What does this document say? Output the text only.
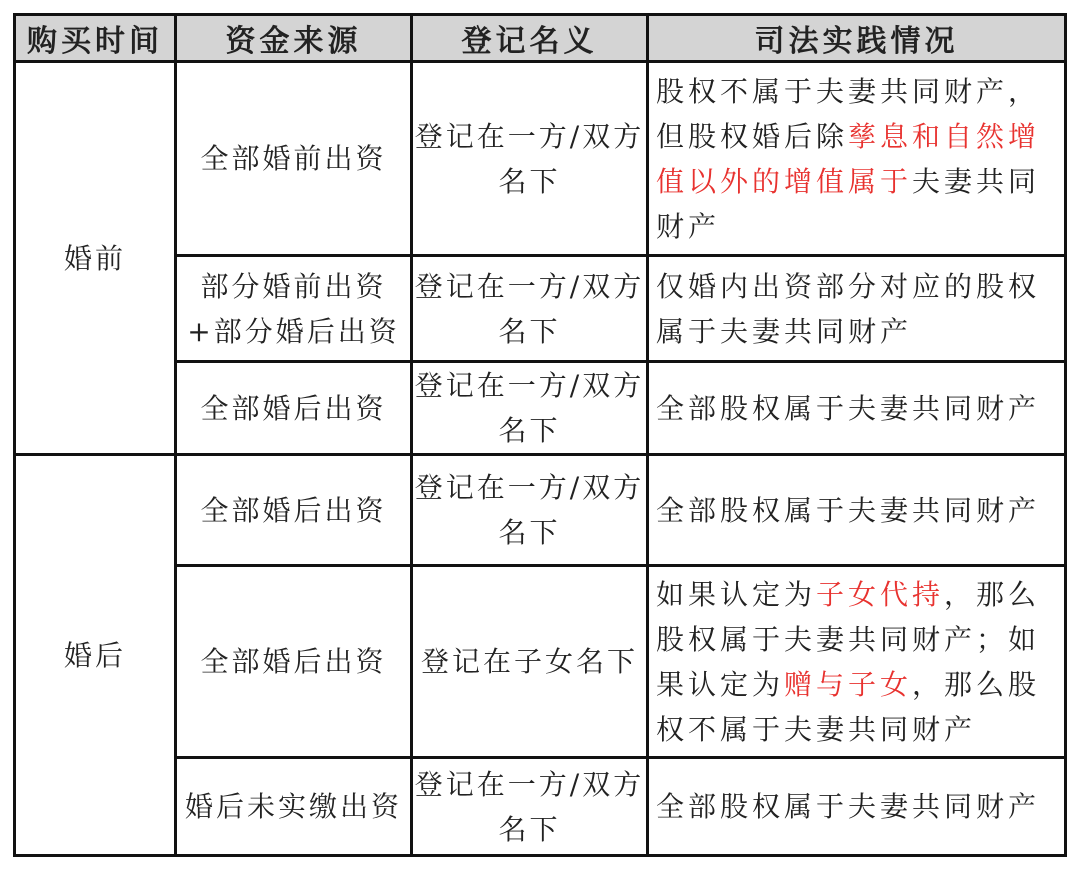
购买时间	资金来源	登记名义	司法实践情况
婚前	全部婚前出资	登记在一方/双方名下	股权不属于夫妻共同财产，但股权婚后除孳息和自然增值以外的增值属于夫妻共同财产
	部分婚前出资+部分婚后出资	登记在一方/双方名下	仅婚内出资部分对应的股权属于夫妻共同财产
	全部婚后出资	登记在一方/双方名下	全部股权属于夫妻共同财产
婚后	全部婚后出资	登记在一方/双方名下	全部股权属于夫妻共同财产
	全部婚后出资	登记在子女名下	如果认定为子女代持，那么股权属于夫妻共同财产；如果认定为赠与子女，那么股权不属于夫妻共同财产
	婚后未实缴出资	登记在一方/双方名下	全部股权属于夫妻共同财产
